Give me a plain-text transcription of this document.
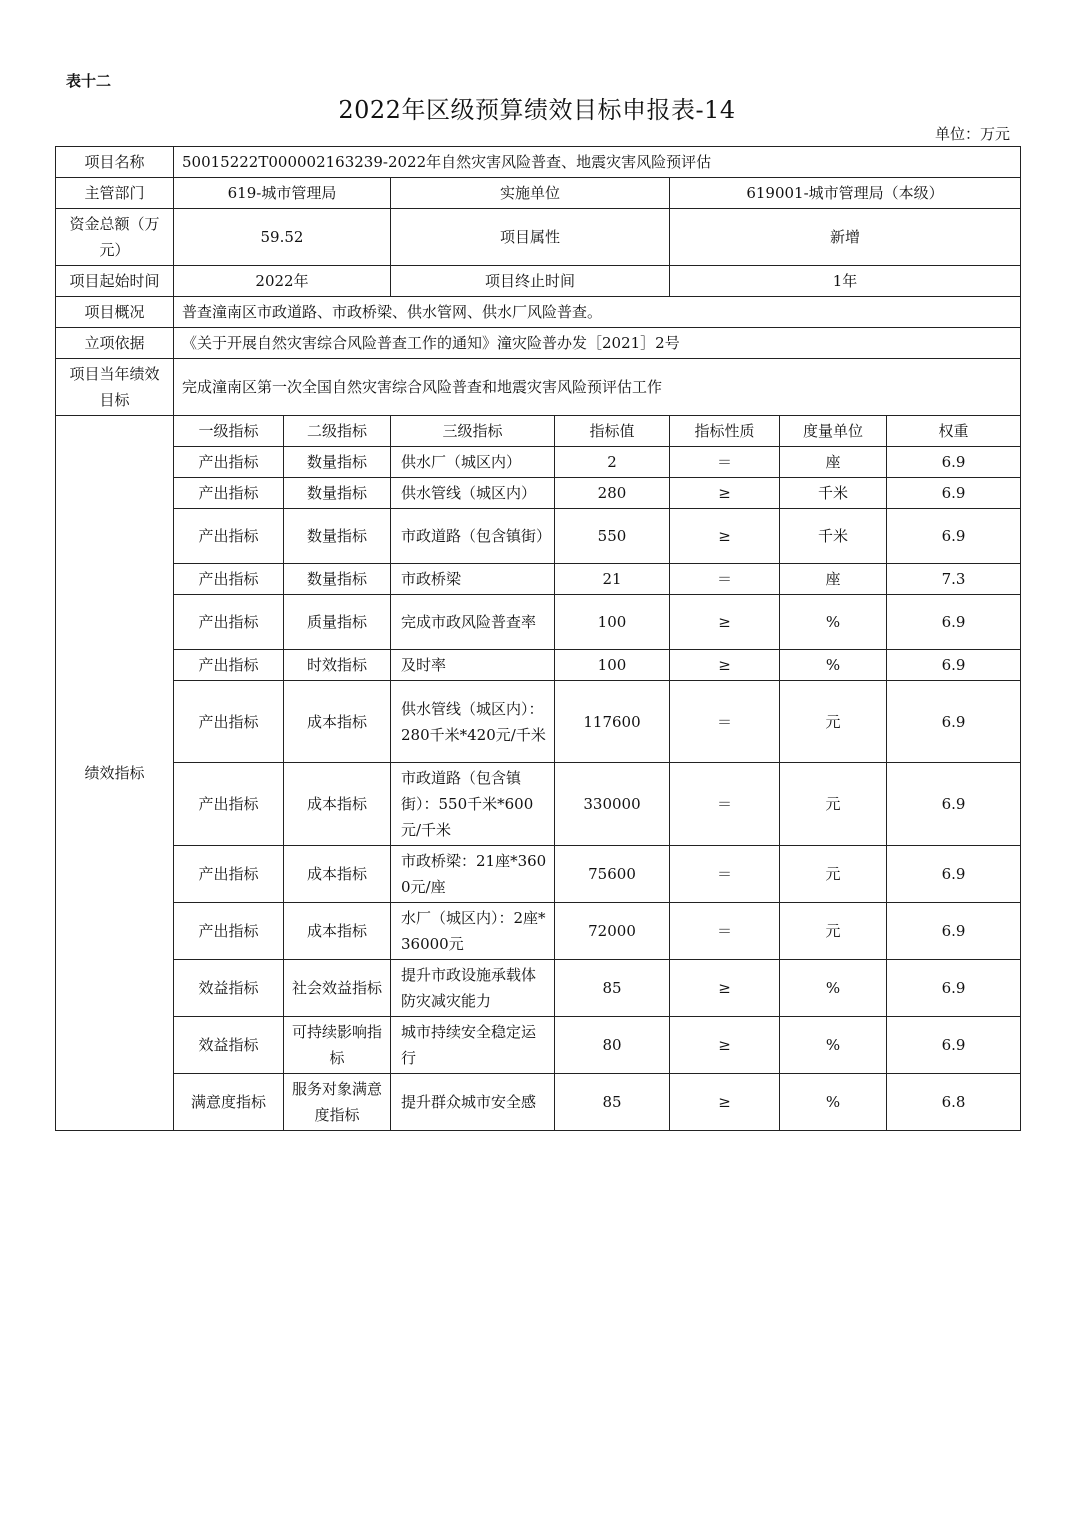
表十二
2022年区级预算绩效目标申报表-14
单位：万元
项目名称	50015222T000002163239-2022年自然灾害风险普查、地震灾害风险预评估						
主管部门	619-城市管理局		实施单位		619001-城市管理局（本级）		
资金总额（万元）	59.52		项目属性		新增		
项目起始时间	2022年		项目终止时间		1年		
项目概况	普查潼南区市政道路、市政桥梁、供水管网、供水厂风险普查。						
立项依据	《关于开展自然灾害综合风险普查工作的通知》潼灾险普办发［2021］2号						
项目当年绩效目标	完成潼南区第一次全国自然灾害综合风险普查和地震灾害风险预评估工作						
绩效指标	一级指标	二级指标	三级指标	指标值	指标性质	度量单位	权重
	产出指标	数量指标	供水厂（城区内）	2	＝	座	6.9
	产出指标	数量指标	供水管线（城区内）	280	≥	千米	6.9
	产出指标	数量指标	市政道路（包含镇街）	550	≥	千米	6.9
	产出指标	数量指标	市政桥梁	21	＝	座	7.3
	产出指标	质量指标	完成市政风险普查率	100	≥	%	6.9
	产出指标	时效指标	及时率	100	≥	%	6.9
	产出指标	成本指标	供水管线（城区内）：280千米*420元/千米	117600	＝	元	6.9
	产出指标	成本指标	市政道路（包含镇街）：550千米*600元/千米	330000	＝	元	6.9
	产出指标	成本指标	市政桥梁：21座*3600元/座	75600	＝	元	6.9
	产出指标	成本指标	水厂（城区内）：2座*36000元	72000	＝	元	6.9
	效益指标	社会效益指标	提升市政设施承载体防灾减灾能力	85	≥	%	6.9
	效益指标	可持续影响指标	城市持续安全稳定运行	80	≥	%	6.9
	满意度指标	服务对象满意度指标	提升群众城市安全感	85	≥	%	6.8
